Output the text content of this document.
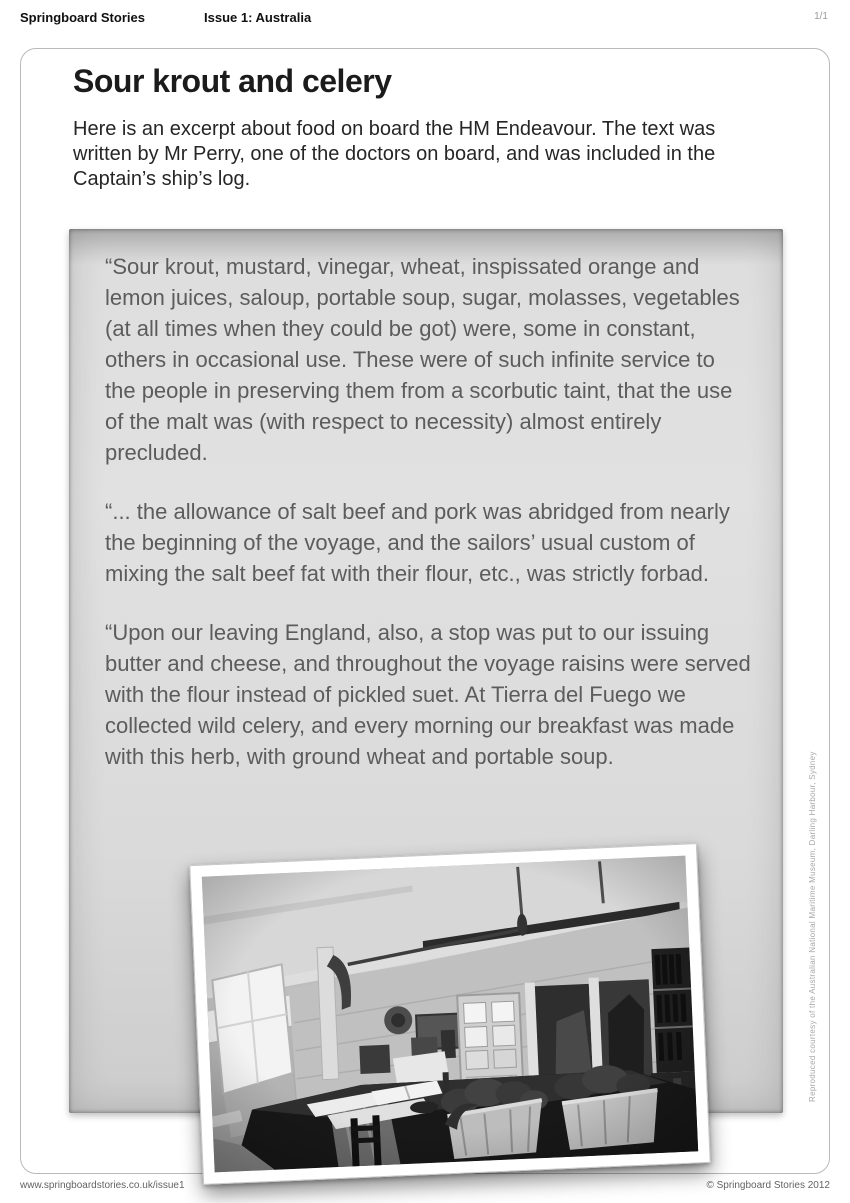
Springboard Stories	Issue 1: Australia	1/1
Sour krout and celery

Here is an excerpt about food on board the HM Endeavour. The text was written by Mr Perry, one of the doctors on board, and was included in the Captain’s ship’s log.

“Sour krout, mustard, vinegar, wheat, inspissated orange and lemon juices, saloup, portable soup, sugar, molasses, vegetables (at all times when they could be got) were, some in constant, others in occasional use. These were of such infinite service to the people in preserving them from a scorbutic taint, that the use of the malt was (with respect to necessity) almost entirely precluded.

“... the allowance of salt beef and pork was abridged from nearly the beginning of the voyage, and the sailors’ usual custom of mixing the salt beef fat with their flour, etc., was strictly forbad.

“Upon our leaving England, also, a stop was put to our issuing butter and cheese, and throughout the voyage raisins were served with the flour instead of pickled suet. At Tierra del Fuego we collected wild celery, and every morning our breakfast was made with this herb, with ground wheat and portable soup.	Reproduced courtesy of the Australian National Maritime Museum, Darling Harbour, Sydney
www.springboardstories.co.uk/issue1	© Springboard Stories 2012
